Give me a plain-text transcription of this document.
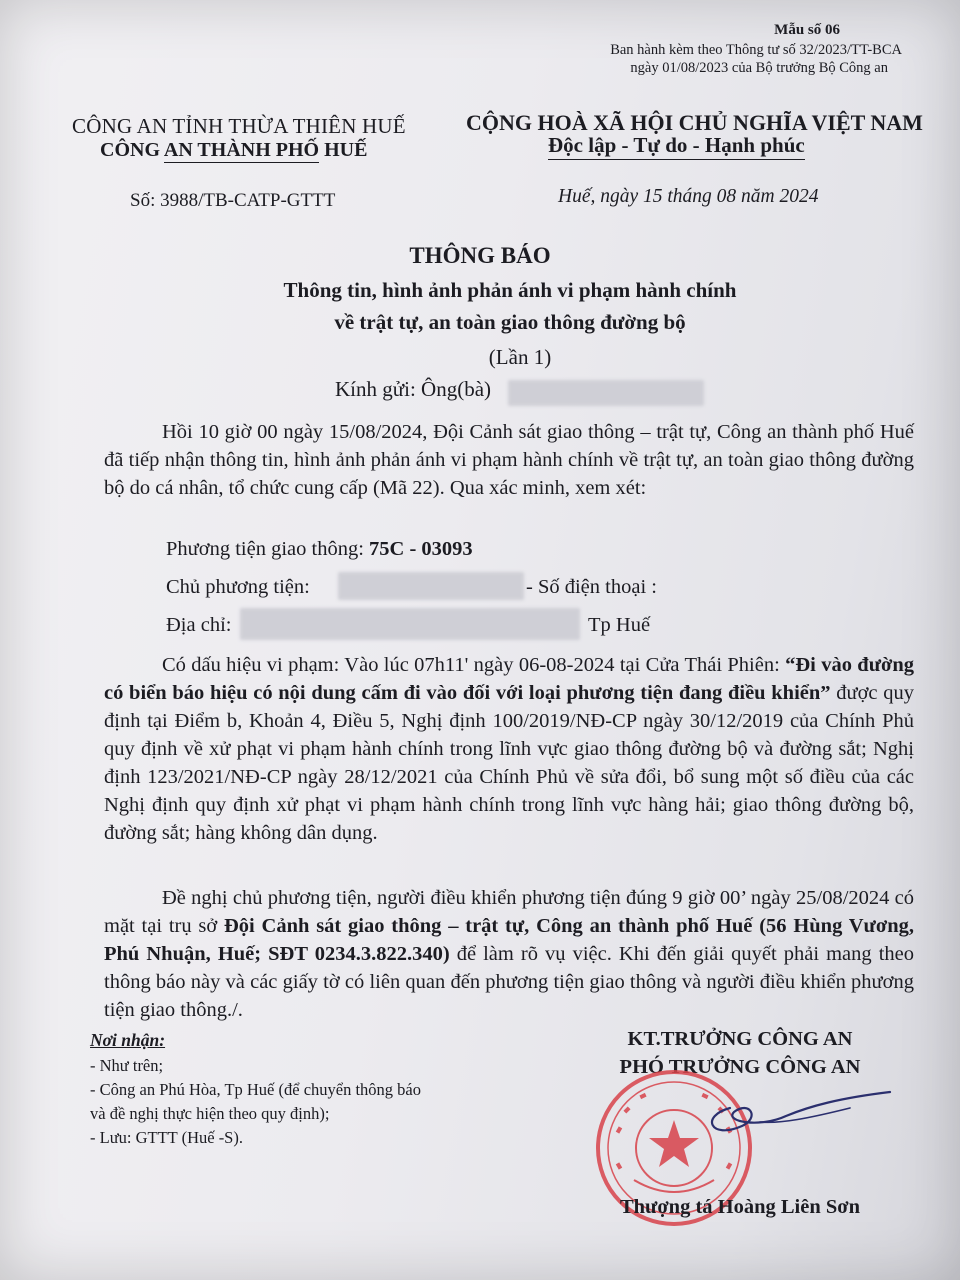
Mẫu số 06
Ban hành kèm theo Thông tư số 32/2023/TT-BCA
ngày 01/08/2023 của Bộ trưởng Bộ Công an
CÔNG AN TỈNH THỪA THIÊN HUẾ
CÔNG AN THÀNH PHỐ HUẾ
CỘNG HOÀ XÃ HỘI CHỦ NGHĨA VIỆT NAM
Độc lập - Tự do - Hạnh phúc
Số: 3988/TB-CATP-GTTT	Huế, ngày 15 tháng 08 năm 2024
THÔNG BÁO
Thông tin, hình ảnh phản ánh vi phạm hành chính
về trật tự, an toàn giao thông đường bộ
(Lần 1)
Kính gửi: Ông(bà)
Hồi 10 giờ 00 ngày 15/08/2024, Đội Cảnh sát giao thông – trật tự, Công an thành phố Huế đã tiếp nhận thông tin, hình ảnh phản ánh vi phạm hành chính về trật tự, an toàn giao thông đường bộ do cá nhân, tổ chức cung cấp (Mã 22). Qua xác minh, xem xét:
Phương tiện giao thông: 75C - 03093
Chủ phương tiện:	- Số điện thoại :
Địa chỉ:	Tp Huế
Có dấu hiệu vi phạm: Vào lúc 07h11' ngày 06-08-2024 tại Cửa Thái Phiên: “Đi vào đường có biển báo hiệu có nội dung cấm đi vào đối với loại phương tiện đang điều khiển” được quy định tại Điểm b, Khoản 4, Điều 5, Nghị định 100/2019/NĐ-CP ngày 30/12/2019 của Chính Phủ quy định về xử phạt vi phạm hành chính trong lĩnh vực giao thông đường bộ và đường sắt; Nghị định 123/2021/NĐ-CP ngày 28/12/2021 của Chính Phủ về sửa đổi, bổ sung một số điều của các Nghị định quy định xử phạt vi phạm hành chính trong lĩnh vực hàng hải; giao thông đường bộ, đường sắt; hàng không dân dụng.
Đề nghị chủ phương tiện, người điều khiển phương tiện đúng 9 giờ 00’ ngày 25/08/2024 có mặt tại trụ sở Đội Cảnh sát giao thông – trật tự, Công an thành phố Huế (56 Hùng Vương, Phú Nhuận, Huế; SĐT 0234.3.822.340) để làm rõ vụ việc. Khi đến giải quyết phải mang theo thông báo này và các giấy tờ có liên quan đến phương tiện giao thông và người điều khiển phương tiện giao thông./.
Nơi nhận:
- Như trên;
- Công an Phú Hòa, Tp Huế (để chuyển thông báo
và đề nghị thực hiện theo quy định);
- Lưu: GTTT (Huế -S).
KT.TRƯỞNG CÔNG AN
PHÓ TRƯỞNG CÔNG AN
Thượng tá Hoàng Liên Sơn
